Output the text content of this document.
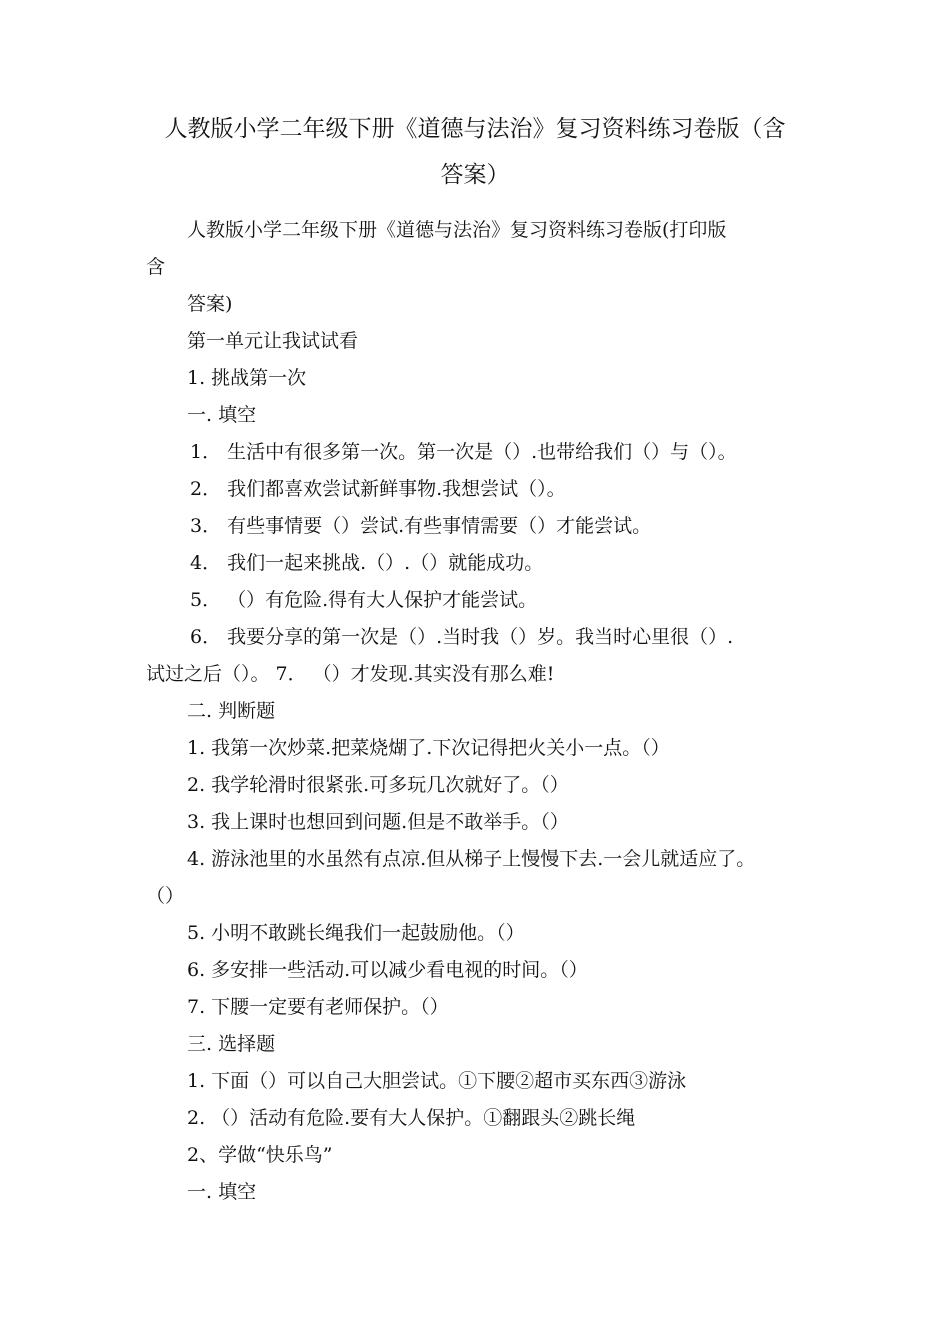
人教版小学二年级下册《道德与法治》复习资料练习卷版（含
答案）
人教版小学二年级下册《道德与法治》复习资料练习卷版(打印版
含
答案)
第一单元让我试试看
1. 挑战第一次
一. 填空
1． 生活中有很多第一次。第一次是（）.也带给我们（）与（）。
2． 我们都喜欢尝试新鲜事物.我想尝试（）。
3． 有些事情要（）尝试.有些事情需要（）才能尝试。
4． 我们一起来挑战.（）.（）就能成功。
5． （）有危险.得有大人保护才能尝试。
6． 我要分享的第一次是（）.当时我（）岁。我当时心里很（）.
试过之后（）。 7． （）才发现.其实没有那么难!
二. 判断题
1. 我第一次炒菜.把菜烧煳了.下次记得把火关小一点。（）
2. 我学轮滑时很紧张.可多玩几次就好了。（）
3. 我上课时也想回到问题.但是不敢举手。（）
4. 游泳池里的水虽然有点凉.但从梯子上慢慢下去.一会儿就适应了。
（）
5. 小明不敢跳长绳我们一起鼓励他。（）
6. 多安排一些活动.可以减少看电视的时间。（）
7. 下腰一定要有老师保护。（）
三. 选择题
1. 下面（）可以自己大胆尝试。①下腰②超市买东西③游泳
2. （）活动有危险.要有大人保护。①翻跟头②跳长绳
2、学做“快乐鸟”
一. 填空
